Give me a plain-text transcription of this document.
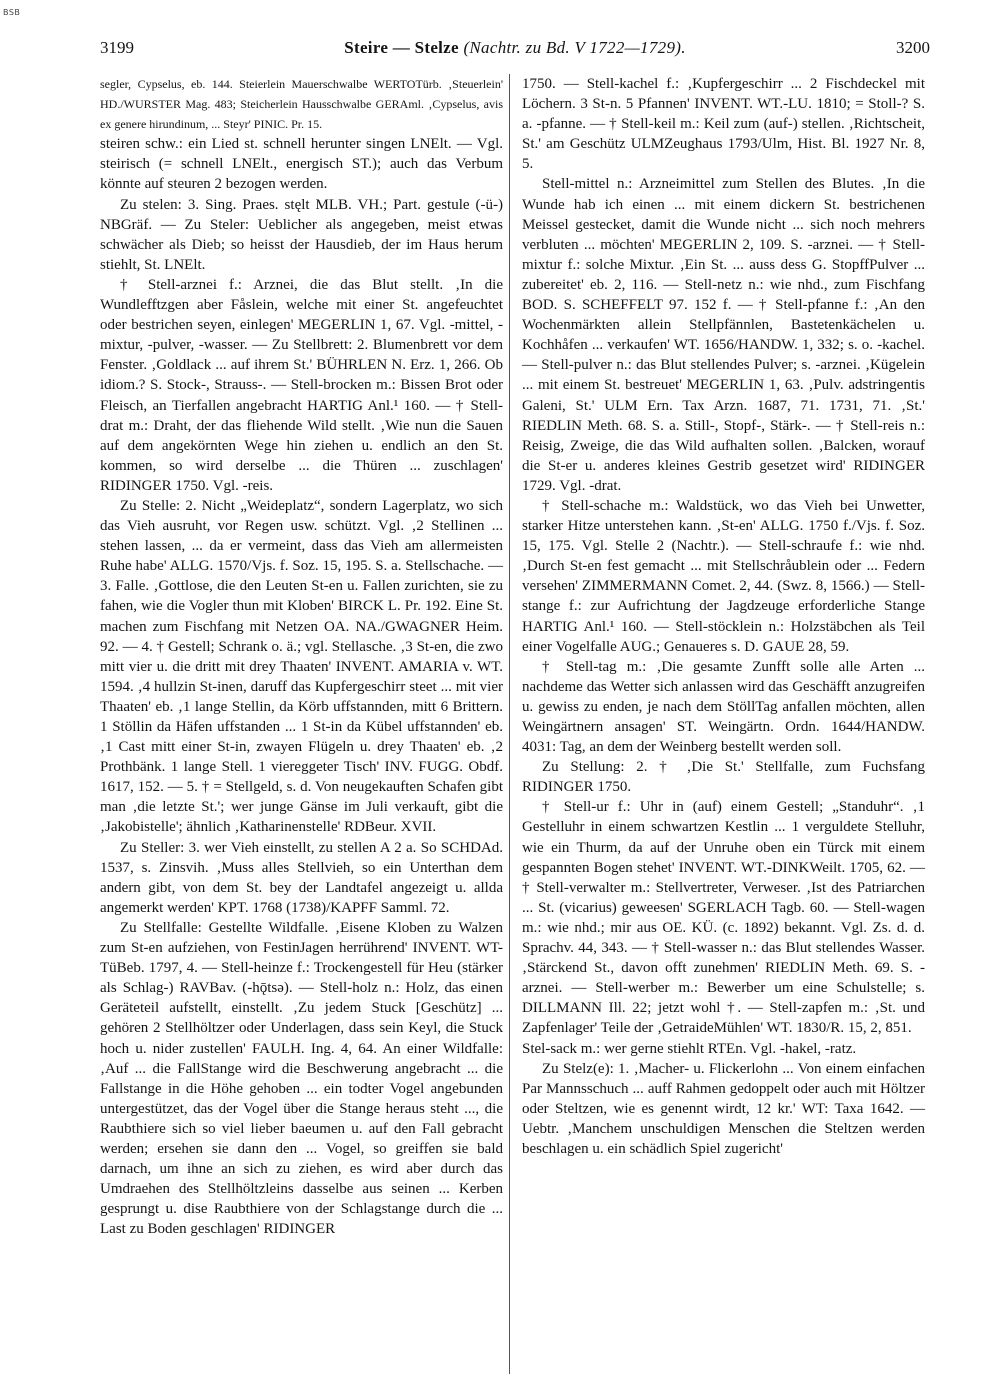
BSB
3199	Steire — Stelze (Nachtr. zu Bd. V 1722—1729).	3200

segler, Cypselus, eb. 144. Steierlein Mauerschwalbe WERTOTürb. ‚Steuerlein' HD./WURSTER Mag. 483; Steicherlein Hausschwalbe GERAml. ‚Cypselus, avis ex genere hirundinum, ... Steyr' PINIC. Pr. 15.

steiren schw.: ein Lied st. schnell herunter singen LNElt. — Vgl. steirisch (= schnell LNElt., energisch ST.); auch das Verbum könnte auf steuren 2 bezogen werden.

Zu stelen: 3. Sing. Praes. stęlt MLB. VH.; Part. gestule (-ü-) NBGräf. — Zu Steler: Uеblicher als angegeben, meist etwas schwächer als Dieb; so heisst der Hausdieb, der im Haus herum stiehlt, St. LNElt.

† Stell-arznei f.: Arznei, die das Blut stellt. ‚In die Wundlefftzgen aber Fåslein, welche mit einer St. angefeuchtet oder bestrichen seyen, einlegen' MEGERLIN 1, 67. Vgl. -mittel, -mixtur, -pulver, -wasser. — Zu Stellbrett: 2. Blumenbrett vor dem Fenster. ‚Goldlack ... auf ihrem St.' BÜHRLEN N. Erz. 1, 266. Ob idiom.? S. Stock-, Strauss-. — Stell-brocken m.: Bissen Brot oder Fleisch, an Tierfallen angebracht HARTIG Anl.¹ 160. — † Stell-drat m.: Draht, der das fliehende Wild stellt. ‚Wie nun die Sauen auf dem angekörnten Wege hin ziehen u. endlich an den St. kommen, so wird derselbe ... die Thüren ... zuschlagen' RIDINGER 1750. Vgl. -reis.

Zu Stelle: 2. Nicht „Weideplatz“, sondern Lagerplatz, wo sich das Vieh ausruht, vor Regen usw. schützt. Vgl. ‚2 Stellinen ... stehen lassen, ... da er vermeint, dass das Vieh am allermeisten Ruhe habe' ALLG. 1570/Vjs. f. Soz. 15, 195. S. a. Stellschache. — 3. Falle. ‚Gottlose, die den Leuten St-en u. Fallen zurichten, sie zu fahen, wie die Vogler thun mit Kloben' BIRCK L. Pr. 192. Eine St. machen zum Fischfang mit Netzen OA. NA./GWAGNER Heim. 92. — 4. † Gestell; Schrank o. ä.; vgl. Stellasche. ‚3 St-en, die zwo mitt vier u. die dritt mit drey Thaaten' INVENT. AMARIA v. WT. 1594. ‚4 hullzin St-inen, daruff das Kupfergeschirr steet ... mit vier Thaaten' eb. ‚1 lange Stellin, da Körb uffstannden, mitt 6 Brittern. 1 Stöllin da Häfen uffstanden ... 1 St-in da Kübel uffstannden' eb. ‚1 Cast mitt einer St-in, zwayen Flügeln u. drey Thaaten' eb. ‚2 Prothbänk. 1 lange Stell. 1 viereggeter Tisch' INV. FUGG. Obdf. 1617, 152. — 5. † = Stellgeld, s. d. Von neugekauften Schafen gibt man ‚die letzte St.'; wer junge Gänse im Juli verkauft, gibt die ‚Jakobistelle'; ähnlich ‚Katharinenstelle' RDBeur. XVII.

Zu Steller: 3. wer Vieh einstellt, zu stellen A 2 a. So SCHDAd. 1537, s. Zinsvih. ‚Muss alles Stellvieh, so ein Unterthan dem andern gibt, von dem St. bey der Landtafel angezeigt u. allda angemerkt werden' KPT. 1768 (1738)/KAPFF Samml. 72.

Zu Stellfalle: Gestellte Wildfalle. ‚Eisene Kloben zu Walzen zum St-en aufziehen, von FestinJagen herrührend' INVENT. WT-TüBeb. 1797, 4. — Stell-heinze f.: Trockengestell für Heu (stärker als Schlag-) RAVBav. (-hǭtsə). — Stell-holz n.: Holz, das einen Geräteteil aufstellt, einstellt. ‚Zu jedem Stuck [Geschütz] ... gehören 2 Stellhöltzer oder Underlagen, dass sein Keyl, die Stuck hoch u. nider zustellen' FAULH. Ing. 4, 64. An einer Wildfalle: ‚Auf ... die FallStange wird die Beschwerung angebracht ... die Fallstange in die Höhe gehoben ... ein todter Vogel angebunden untergestützet, das der Vogel über die Stange heraus steht ..., die Raubthiere sich so viel lieber baeumen u. auf den Fall gebracht werden; ersehen sie dann den ... Vogel, so greiffen sie bald darnach, um ihne an sich zu ziehen, es wird aber durch das Umdraehen des Stellhöltzleins dasselbe aus seinen ... Kerben gesprungt u. dise Raubthiere von der Schlagstange durch die ... Last zu Boden geschlagen' RIDINGER

1750. — Stell-kachel f.: ‚Kupfergeschirr ... 2 Fischdeckel mit Löchern. 3 St-n. 5 Pfannen' INVENT. WT.-LU. 1810; = Stoll-? S. a. -pfanne. — † Stell-keil m.: Keil zum (auf-) stellen. ‚Richtscheit, St.' am Geschütz ULMZeughaus 1793/Ulm, Hist. Bl. 1927 Nr. 8, 5.

Stell-mittel n.: Arzneimittel zum Stellen des Blutes. ‚In die Wunde hab ich einen ... mit einem dickern St. bestrichenen Meissel gestecket, damit die Wunde nicht ... sich noch mehrers verbluten ... möchten' MEGERLIN 2, 109. S. -arznei. — † Stell-mixtur f.: solche Mixtur. ‚Ein St. ... auss dess G. StopffPulver ... zubereitet' eb. 2, 116. — Stell-netz n.: wie nhd., zum Fischfang BOD. S. SCHEFFELT 97. 152 f. — † Stell-pfanne f.: ‚An den Wochenmärkten allein Stellpfännlen, Bastetenkächelen u. Kochhåfen ... verkaufen' WT. 1656/HANDW. 1, 332; s. o. -kachel. — Stell-pulver n.: das Blut stellendes Pulver; s. -arznei. ‚Kügelein ... mit einem St. bestreuet' MEGERLIN 1, 63. ‚Pulv. adstringentis Galeni, St.' ULM Ern. Tax Arzn. 1687, 71. 1731, 71. ‚St.' RIEDLIN Meth. 68. S. a. Still-, Stopf-, Stärk-. — † Stell-reis n.: Reisig, Zweige, die das Wild aufhalten sollen. ‚Balcken, worauf die St-er u. anderes kleines Gestrib gesetzet wird' RIDINGER 1729. Vgl. -drat.

† Stell-schache m.: Waldstück, wo das Vieh bei Unwetter, starker Hitze unterstehen kann. ‚St-en' ALLG. 1750 f./Vjs. f. Soz. 15, 175. Vgl. Stelle 2 (Nachtr.). — Stell-schraufe f.: wie nhd. ‚Durch St-en fest gemacht ... mit Stellschråublein oder ... Federn versehen' ZIMMERMANN Comet. 2, 44. (Swz. 8, 1566.) — Stell-stange f.: zur Aufrichtung der Jagdzeuge erforderliche Stange HARTIG Anl.¹ 160. — Stell-stöcklein n.: Holzstäbchen als Teil einer Vogelfalle AUG.; Genaueres s. D. GAUE 28, 59.

† Stell-tag m.: ‚Die gesamte Zunfft solle alle Arten ... nachdeme das Wetter sich anlassen wird das Geschäfft anzugreifen u. gewiss zu enden, je nach dem StöllTag anfallen möchten, allen Weingärtnern ansagen' ST. Weingärtn. Ordn. 1644/HANDW. 4031: Tag, an dem der Weinberg bestellt werden soll.

Zu Stellung: 2. † ‚Die St.' Stellfalle, zum Fuchsfang RIDINGER 1750.

† Stell-ur f.: Uhr in (auf) einem Gestell; „Standuhr“. ‚1 Gestelluhr in einem schwartzen Kestlin ... 1 verguldete Stelluhr, wie ein Thurm, da auf der Unruhe oben ein Türck mit einem gespannten Bogen stehet' INVENT. WT.-DINKWeilt. 1705, 62. — † Stell-verwalter m.: Stellvertreter, Verweser. ‚Ist des Patriarchen ... St. (vicarius) geweesen' SGERLACH Tagb. 60. — Stell-wagen m.: wie nhd.; mir aus OE. KÜ. (c. 1892) bekannt. Vgl. Zs. d. d. Sprachv. 44, 343. — † Stell-wasser n.: das Blut stellendes Wasser. ‚Stärckend St., davon offt zunehmen' RIEDLIN Meth. 69. S. -arznei. — Stell-werber m.: Bewerber um eine Schulstelle; s. DILLMANN Ill. 22; jetzt wohl †. — Stell-zapfen m.: ‚St. und Zapfenlager' Teile der ‚GetraideMühlen' WT. 1830/R. 15, 2, 851.

Stel-sack m.: wer gerne stiehlt RTEn. Vgl. -hakel, -ratz.

Zu Stelz(e): 1. ‚Macher- u. Flickerlohn ... Von einem einfachen Par Mannsschuch ... auff Rahmen gedoppelt oder auch mit Höltzer oder Steltzen, wie es genennt wirdt, 12 kr.' WT: Taxa 1642. — Uebtr. ‚Manchem unschuldigen Menschen die Steltzen werden beschlagen u. ein schädlich Spiel zugericht'
